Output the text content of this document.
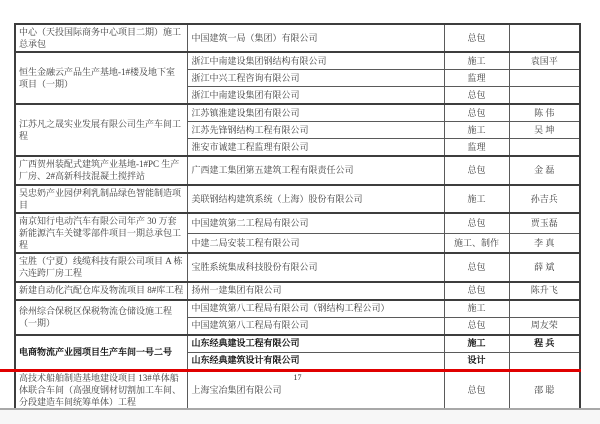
中心（天投国际商务中心项目二期）施工总承包	中国建筑一局（集团）有限公司	总包	
恒生金融云产品生产基地-1#楼及地下室项目（一期）	浙江中南建设集团钢结构有限公司	施工	袁国平
	浙江中兴工程咨询有限公司	监理	
	浙江中南建设集团有限公司	总包	
江苏凡之晟实业发展有限公司生产车间工程	江苏镇淮建设集团有限公司	总包	陈 伟
	江苏先锋钢结构工程有限公司	施工	吴 坤
	淮安市诚建工程监理有限公司	监理	
广西贺州装配式建筑产业基地-1#PC 生产厂房、2#高新科技混凝土搅拌站	广西建工集团第五建筑工程有限责任公司	总包	金 磊
吴忠奶产业园伊利乳制品绿色智能制造项目	美联钢结构建筑系统（上海）股份有限公司	施工	孙吉兵
南京知行电动汽车有限公司年产 30 万套新能源汽车关键零部件项目一期总承包工程	中国建筑第二工程局有限公司	总包	贾玉磊
	中建二局安装工程有限公司	施工、制作	李 真
宝胜（宁夏）线缆科技有限公司项目 A 栋六连跨厂房工程	宝胜系统集成科技股份有限公司	总包	薛 斌
新建自动化汽配仓库及物流项目 8#库工程	扬州一建集团有限公司	总包	陈升飞
徐州综合保税区保税物流仓储设施工程（一期）	中国建筑第八工程局有限公司（钢结构工程公司）	施工	
	中国建筑第八工程局有限公司	总包	周友荣
电商物流产业园项目生产车间一号二号	山东经典建设工程有限公司	施工	程 兵
	山东经典建筑设计有限公司	设计	
高技术船舶制造基地建设项目 13#单体船体联合车间（高强度钢材切割加工车间、分段建造车间统筹单体）工程	上海宝冶集团有限公司	总包	邵 聪
17
